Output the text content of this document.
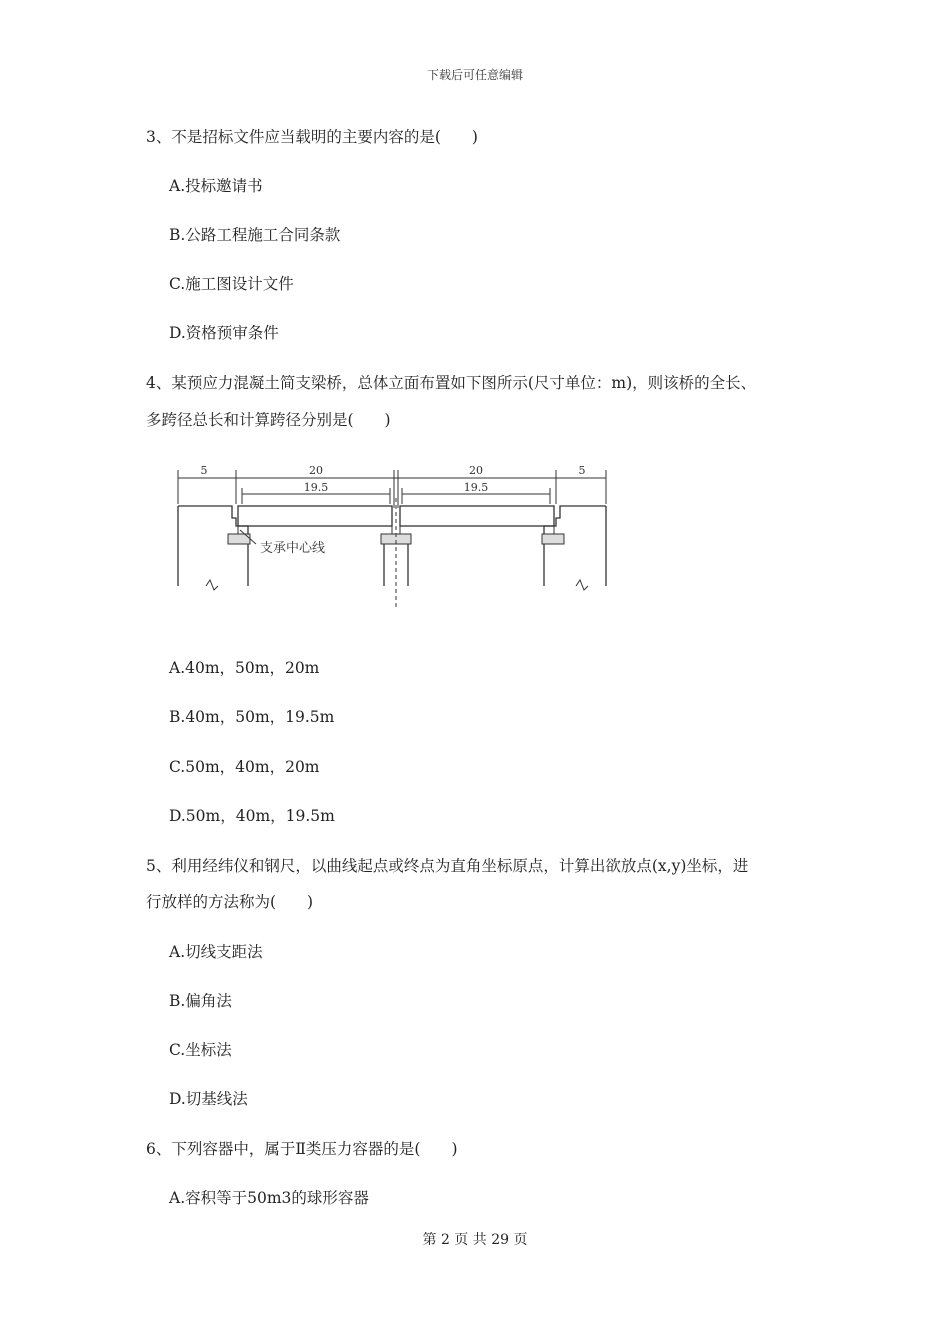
下载后可任意编辑
3、不是招标文件应当载明的主要内容的是(　　)
A.投标邀请书
B.公路工程施工合同条款
C.施工图设计文件
D.资格预审条件
4、某预应力混凝土简支梁桥，总体立面布置如下图所示(尺寸单位：m)，则该桥的全长、
多跨径总长和计算跨径分别是(　　)
5	20	20	5
19.5	19.5
支承中心线
A.40m，50m，20m
B.40m，50m，19.5m
C.50m，40m，20m
D.50m，40m，19.5m
5、利用经纬仪和钢尺，以曲线起点或终点为直角坐标原点，计算出欲放点(x,y)坐标，进
行放样的方法称为(　　)
A.切线支距法
B.偏角法
C.坐标法
D.切基线法
6、下列容器中，属于Ⅱ类压力容器的是(　　)
A.容积等于50m3的球形容器
第 2 页 共 29 页
